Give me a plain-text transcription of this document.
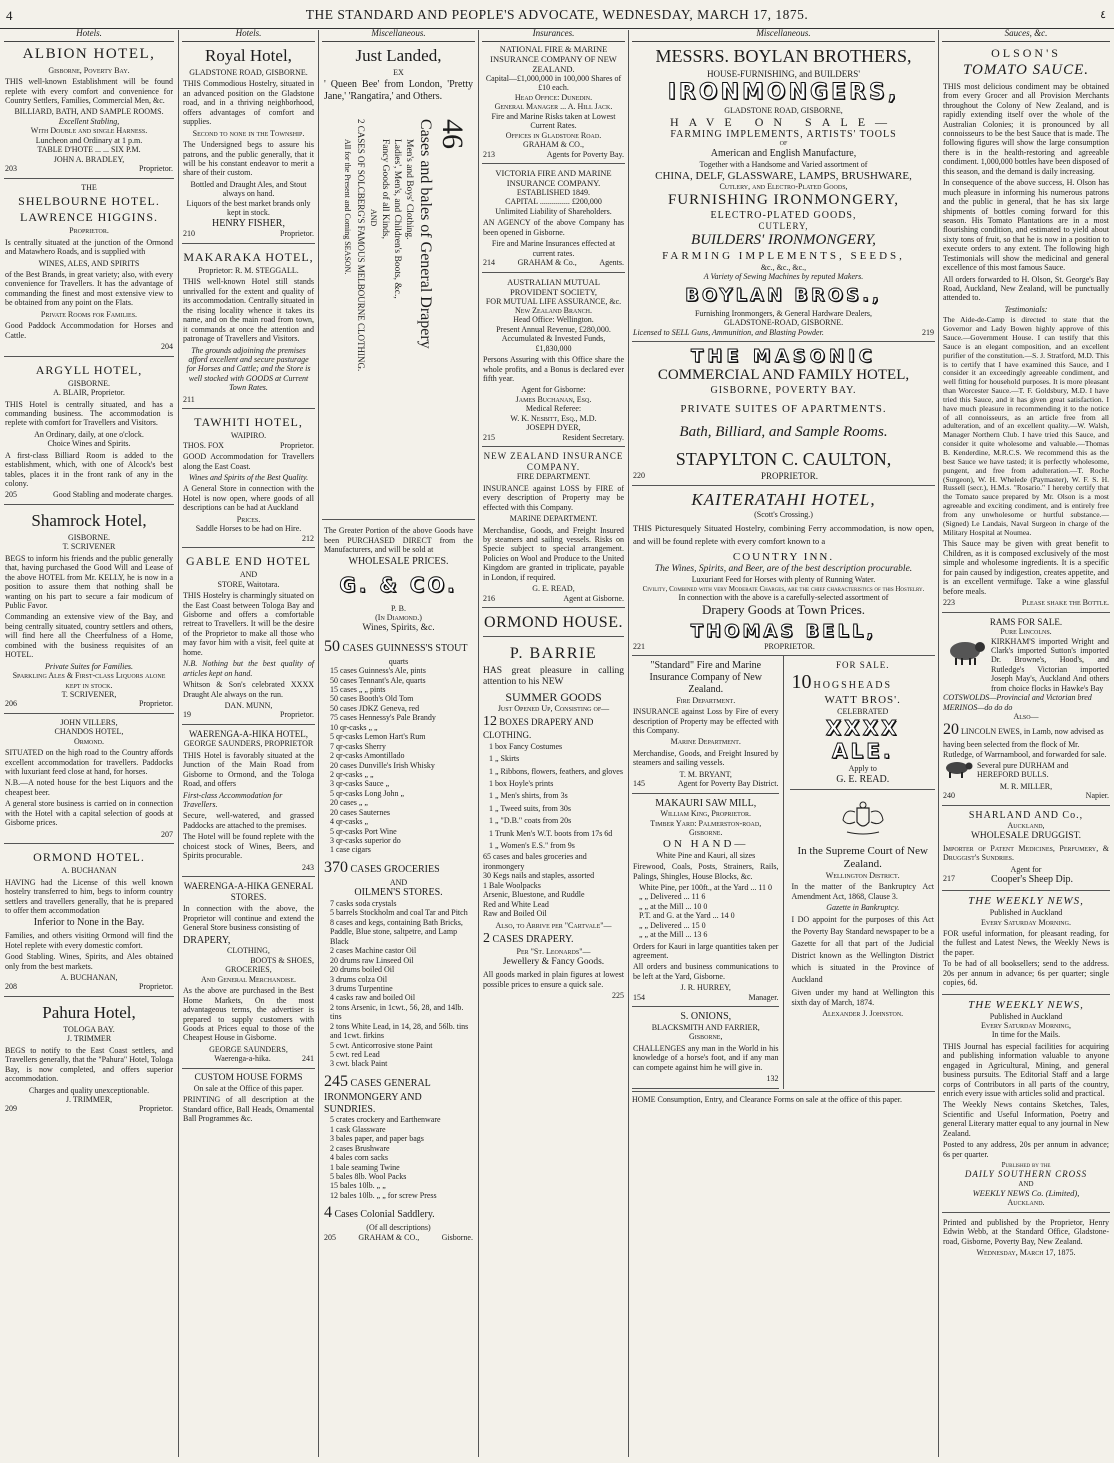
4	THE STANDARD AND PEOPLE'S ADVOCATE, WEDNESDAY, MARCH 17, 1875.	٤
Hotels.
ALBION HOTEL,
Gisborne, Poverty Bay.

THIS well-known Establishment will be found replete with every comfort and convenience for Country Settlers, Families, Commercial Men, &c.

BILLIARD, BATH, AND SAMPLE ROOMS.
Excellent Stabling,
With Double and single Harness.
Luncheon and Ordinary at 1 p.m.
TABLE D'HOTE ... ... SIX P.M.
JOHN A. BRADLEY,
203	Proprietor.
THE
SHELBOURNE HOTEL.
LAWRENCE HIGGINS.
Proprietor.

Is centrally situated at the junction of the Ormond and Matawhero Roads, and is supplied with

WINES, ALES, AND SPIRITS

of the Best Brands, in great variety; also, with every convenience for Travellers. It has the advantage of commanding the finest and most extensive view to be obtained from any point on the Flats.

Private Rooms for Families.

Good Paddock Accommodation for Horses and Cattle.

204
ARGYLL HOTEL,
GISBORNE.
A. BLAIR, Proprietor.

THIS Hotel is centrally situated, and has a commanding business. The accommodation is replete with comfort for Travellers and Visitors.

An Ordinary, daily, at one o'clock.
Choice Wines and Spirits.

A first-class Billiard Room is added to the establishment, which, with one of Alcock's best tables, places it in the front rank of any in the colony.

205	Good Stabling and moderate charges.
Shamrock Hotel,
GISBORNE.
T. SCRIVENER

BEGS to inform his friends and the public generally that, having purchased the Good Will and Lease of the above HOTEL from Mr. KELLY, he is now in a position to assure them that nothing shall be wanting on his part to secure a fair modicum of Public Favor.

Commanding an extensive view of the Bay, and being centrally situated, country settlers and others, will find here all the Cheerfulness of a Home, combined with the business requisites of an HOTEL.

Private Suites for Families.
Sparkling Ales & First-class Liquors alone kept in stock.
T. SCRIVENER,
206	Proprietor.
JOHN VILLERS,
CHANDOS HOTEL,
Ormond.

SITUATED on the high road to the Country affords excellent accommodation for travellers. Paddocks with luxuriant feed close at hand, for horses.

N.B.—A noted house for the best Liquors and the cheapest beer.

A general store business is carried on in connection with the Hotel with a capital selection of goods at Gisborne prices.

207
ORMOND HOTEL.
A. BUCHANAN

HAVING had the License of this well known hostelry transferred to him, begs to inform country settlers and travellers generally, that he is prepared to offer them accommodation

Inferior to None in the Bay.

Families, and others visiting Ormond will find the Hotel replete with every domestic comfort.

Good Stabling. Wines, Spirits, and Ales obtained only from the best markets.

A. BUCHANAN,
208	Proprietor.
Pahura Hotel,
TOLOGA BAY.
J. TRIMMER

BEGS to notify to the East Coast settlers, and Travellers generally, that the "Pahura" Hotel, Tologa Bay, is now completed, and offers superior accommodation.

Charges and quality unexceptionable.
J. TRIMMER,
209	Proprietor.
Hotels.
Royal Hotel,
GLADSTONE ROAD, GISBORNE.

THIS Commodious Hostelry, situated in an advanced position on the Gladstone road, and in a thriving neighborhood, offers advantages of comfort and supplies.

Second to none in the Township.

The Undersigned begs to assure his patrons, and the public generally, that it will be his constant endeavor to merit a share of their custom.

Bottled and Draught Ales, and Stout always on hand.
Liquors of the best market brands only kept in stock.
HENRY FISHER,
210	Proprietor.
MAKARAKA HOTEL,
Proprietor: R. M. STEGGALL.

THIS well-known Hotel still stands unrivalled for the extent and quality of its accommodation. Centrally situated in the rising locality whence it takes its name, and on the main road from town, it commands at once the attention and patronage of Travellers and Visitors.

The grounds adjoining the premises afford excellent and secure pasturage for Horses and Cattle; and the Store is well stocked with GOODS at Current Town Rates.

211
TAWHITI HOTEL,
WAIPIRO.
THOS. FOX	Proprietor.

GOOD Accommodation for Travellers along the East Coast.

Wines and Spirits of the Best Quality.

A General Store in connection with the Hotel is now open, where goods of all descriptions can be had at Auckland

Prices.
Saddle Horses to be had on Hire.
212
GABLE END HOTEL
AND
STORE, Waitotara.

THIS Hostelry is charmingly situated on the East Coast between Tologa Bay and Gisborne and offers a comfortable retreat to Travellers. It will be the desire of the Proprietor to make all those who may favor him with a visit, feel quite at home.

N.B. Nothing but the best quality of articles kept on hand.

Whitson & Son's celebrated XXXX Draught Ale always on the run.

DAN. MUNN,
19	Proprietor.
WAERENGA-A-HIKA HOTEL,
GEORGE SAUNDERS, PROPRIETOR

THIS Hotel is favorably situated at the Junction of the Main Road from Gisborne to Ormond, and the Tologa Road, and offers

First-class Accommodation for Travellers.

Secure, well-watered, and grassed Paddocks are attached to the premises.

The Hotel will be found replete with the choicest stock of Wines, Beers, and Spirits procurable.

243
WAERENGA-A-HIKA GENERAL STORES.

In connection with the above, the Proprietor will continue and extend the General Store business consisting of

DRAPERY,
CLOTHING,
BOOTS & SHOES,
GROCERIES,
And General Merchandise.

As the above are purchased in the Best Home Markets, On the most advantageous terms, the advertiser is prepared to supply customers with Goods at Prices equal to those of the Cheapest House in Gisborne.

GEORGE SAUNDERS,
Waerenga-a-hika.	241
CUSTOM HOUSE FORMS
On sale at the Office of this paper.

PRINTING of all description at the Standard office, Ball Heads, Ornamental Ball Programmes &c.

Miscellaneous.
Just Landed,
EX

' Queen Bee' from London, 'Pretty Jane,' 'Rangatira,' and Others.

46
Cases and bales of General Drapery
Men's and Boys' Clothing.
Ladies', Men's, and Children's Boots, &c.,
Fancy Goods of all Kinds,
AND
2 CASES OF SOLCBERG'S FAMOUS MELBOURNE CLOTHING.
All for the Present and Coming SEASON.

The Greater Portion of the above Goods have been PURCHASED DIRECT from the Manufacturers, and will be sold at

WHOLESALE PRICES.
G. & CO.
P. B.
(In Diamond.)
Wines, Spirits, &c.
50 CASES GUINNESS'S STOUT
quarts
15 cases Guinness's Ale, pints
50 cases Tennant's Ale, quarts
15 cases „ „ pints
50 cases Booth's Old Tom
50 cases JDKZ Geneva, red
75 cases Hennessy's Pale Brandy
10 qr-casks „ „
5 qr-casks Lemon Hart's Rum
7 qr-casks Sherry
2 qr-casks Amontillado
20 cases Dunville's Irish Whisky
2 qr-casks „ „
3 qr-casks Sauce „
5 qr-casks Long John „
20 cases „ „
20 cases Sauternes
4 qr-casks „
5 qr-casks Port Wine
3 qr-casks superior do
1 case cigars
370 CASES GROCERIES
AND
OILMEN'S STORES.
7 casks soda crystals
5 barrels Stockholm and coal Tar and Pitch
8 cases and kegs, containing Bath Bricks, Paddle, Blue stone, saltpetre, and Lamp Black
2 cases Machine castor Oil
20 drums raw Linseed Oil
20 drums boiled Oil
3 drums colza Oil
3 drums Turpentine
4 casks raw and boiled Oil
2 tons Arsenic, in 1cwt., 56, 28, and 14lb. tins
2 tons White Lead, in 14, 28, and 56lb. tins and 1cwt. firkins
5 cwt. Anticorrosive stone Paint
5 cwt. red Lead
3 cwt. black Paint
245 CASES GENERAL IRONMONGERY AND SUNDRIES.
5 crates crockery and Earthenware
1 cask Glassware
3 bales paper, and paper bags
2 cases Brushware
4 bales corn sacks
1 bale seaming Twine
5 bales 8lb. Wool Packs
15 bales 10lb. „ „
12 bales 10lb. „ „ for screw Press
4 Cases Colonial Saddlery.
(Of all descriptions)
205	GRAHAM & CO.,	Gisborne.
Insurances.
NATIONAL FIRE & MARINE INSURANCE COMPANY OF NEW ZEALAND.
Capital—£1,000,000 in 100,000 Shares of £10 each.
Head Office: Dunedin.
General Manager ... A. Hill Jack.
Fire and Marine Risks taken at Lowest Current Rates.
Offices in Gladstone Road.
GRAHAM & CO.,
213	Agents for Poverty Bay.
VICTORIA FIRE AND MARINE INSURANCE COMPANY.
ESTABLISHED 1849.
CAPITAL ............... £200,000
Unlimited Liability of Shareholders.

AN AGENCY of the above Company has been opened in Gisborne.

Fire and Marine Insurances effected at current rates.
214	GRAHAM & Co.,	Agents.
AUSTRALIAN MUTUAL PROVIDENT SOCIETY,
FOR MUTUAL LIFE ASSURANCE, &c.
New Zealand Branch.
Head Office: Wellington.
Present Annual Revenue, £280,000.
Accumulated & Invested Funds, £1,830,000

Persons Assuring with this Office share the whole profits, and a Bonus is declared ever fifth year.

Agent for Gisborne:
James Buchanan, Esq.
Medical Referee:
W. K. Nesbitt, Esq., M.D.
JOSEPH DYER,
215	Resident Secretary.
NEW ZEALAND INSURANCE COMPANY.
FIRE DEPARTMENT.

INSURANCE against LOSS by FIRE of every description of Property may be effected with this Company.

MARINE DEPARTMENT.

Merchandise, Goods, and Freight Insured by steamers and sailing vessels. Risks on Specie subject to special arrangement. Policies on Wool and Produce to the United Kingdom are granted in triplicate, payable in London, if required.

G. E. READ,
216	Agent at Gisborne.
ORMOND HOUSE.
P. BARRIE

HAS great pleasure in calling attention to his NEW

SUMMER GOODS
Just Opened Up, Consisting of—
12 BOXES DRAPERY AND CLOTHING.
1 box Fancy Costumes
1 „ Skirts
1 „ Ribbons, flowers, feathers, and gloves
1 box Hoyle's prints
1 „ Men's shirts, from 3s
1 „ Tweed suits, from 30s
1 „ "D.B." coats from 20s
1 Trunk Men's W.T. boots from 17s 6d
1 „ Women's E.S." from 9s
65 cases and bales groceries and ironmongery
30 Kegs nails and staples, assorted
1 Bale Woolpacks
Arsenic, Bluestone, and Ruddle
Red and White Lead
Raw and Boiled Oil
Also, to Arrive per "Cartvale"—
2 CASES DRAPERY.
Per "St. Leonards"—
Jewellery & Fancy Goods.

All goods marked in plain figures at lowest possible prices to ensure a quick sale.

225
Miscellaneous.
MESSRS. BOYLAN BROTHERS,
HOUSE-FURNISHING, and BUILDERS'
IRONMONGERS,
GLADSTONE ROAD, GISBORNE,
HAVE ON SALE—
FARMING IMPLEMENTS, ARTISTS' TOOLS
OF
American and English Manufacture,
Together with a Handsome and Varied assortment of
CHINA, DELF, GLASSWARE, LAMPS, BRUSHWARE,
Cutlery, and Electro-Plated Goods,
FURNISHING IRONMONGERY,
ELECTRO-PLATED GOODS,
CUTLERY,
BUILDERS' IRONMONGERY,
FARMING IMPLEMENTS, SEEDS,
&c., &c., &c.,
A Variety of Sewing Machines by reputed Makers.
BOYLAN BROS.,
Furnishing Ironmongers, & General Hardware Dealers,
GLADSTONE-ROAD, GISBORNE.
Licensed to SELL Guns, Ammunition, and Blasting Powder.	219
THE MASONIC
COMMERCIAL AND FAMILY HOTEL,
GISBORNE, POVERTY BAY.
PRIVATE SUITES OF APARTMENTS.
Bath, Billiard, and Sample Rooms.
STAPYLTON C. CAULTON,
220	PROPRIETOR.
KAITERATAHI HOTEL,
(Scott's Crossing.)

THIS Picturesquely Situated Hostelry, combining Ferry accommodation, is now open, and will be found replete with every comfort known to a

COUNTRY INN.
The Wines, Spirits, and Beer, are of the best description procurable.
Luxuriant Feed for Horses with plenty of Running Water.
Civility, Combined with very Moderate Charges, are the chief characteristics of this Hostelry.
In connection with the above is a carefully-selected assortment of
Drapery Goods at Town Prices.
THOMAS BELL,
221	PROPRIETOR.
"Standard" Fire and Marine Insurance Company of New Zealand.
Fire Department.

INSURANCE against Loss by Fire of every description of Property may be effected with this Company.

Marine Department.

Merchandise, Goods, and Freight Insured by steamers and sailing vessels.

T. M. BRYANT,
145	Agent for Poverty Bay District.
MAKAURI SAW MILL,
William King, Proprietor.
Timber Yard: Palmerston-road, Gisborne.
ON HAND—
White Pine and Kauri, all sizes

Firewood, Coals, Posts, Strainers, Rails, Palings, Shingles, House Blocks, &c.

White Pine, per 100ft., at the Yard ... 11 0
„ „ Delivered ... 11 6
„ „ at the Mill ... 10 0
P.T. and G. at the Yard ... 14 0
„ „ Delivered ... 15 0
„ „ at the Mill ... 13 6

Orders for Kauri in large quantities taken per agreement.

All orders and business communications to be left at the Yard, Gisborne.

J. R. HURREY,
154	Manager.
S. ONIONS,
BLACKSMITH AND FARRIER,
Gisborne,

CHALLENGES any man in the World in his knowledge of a horse's foot, and if any man can compete against him he will give in.

132
FOR SALE.
10 HOGSHEADS
WATT BROS'.
CELEBRATED
XXXX ALE.
Apply to
G. E. READ.
In the Supreme Court of New Zealand.
Wellington District.

In the matter of the Bankruptcy Act Amendment Act, 1868, Clause 3.

Gazette in Bankruptcy.

I DO appoint for the purposes of this Act the Poverty Bay Standard newspaper to be a Gazette for all that part of the Judicial District known as the Wellington District which is situated in the Province of Auckland

Given under my hand at Wellington this sixth day of March, 1874.

Alexander J. Johnston.

HOME Consumption, Entry, and Clearance Forms on sale at the office of this paper.

Sauces, &c.
OLSON'S
TOMATO SAUCE.

THIS most delicious condiment may be obtained from every Grocer and all Provision Merchants throughout the Colony of New Zealand, and is rapidly extending itself over the whole of the Australian Colonies; it is pronounced by all connoisseurs to be the best Sauce that is made. The following figures will show the large consumption there is in the health-restoring and agreeable condiment. 1,000,000 bottles have been disposed of this season, and the demand is daily increasing.

In consequence of the above success, H. Olson has much pleasure in informing his numerous patrons and the public in general, that he has six large shipments of bottles coming forward for this season. His Tomato Plantations are in a most flourishing condition, and estimated to yield about sixty tons of fruit, so that he is now in a position to execute orders to any extent. The following high Testimonials will show the medicinal and general excellence of this most famous Sauce.

All orders forwarded to H. Olson, St. George's Bay Road, Auckland, New Zealand, will be punctually attended to.

Testimonials:

The Aide-de-Camp is directed to state that the Governor and Lady Bowen highly approve of this Sauce.—Government House. I can testify that this Sauce is an elegant composition, and an excellent purifier of the constitution.—S. J. Stratford, M.D. This is to certify that I have examined this Sauce, and I consider it an exceedingly agreeable condiment, and well fitting for household purposes. It is more pleasant than Worcester Sauce.—T. F. Goldsbury, M.D. I have tried this Sauce, and it has given great satisfaction. I have much pleasure in recommending it to the notice of all connoisseurs, as an article free from all adulteration, and of an excellent quality.—W. Walsh, Manager Northern Club. I have tried this Sauce, and consider it quite wholesome and valuable.—Thomas B. Kenderdine, M.R.C.S. We recommend this as the best Sauce we have tasted; it is perfectly wholesome, pungent, and free from adulteration.—T. Roche (Surgeon), W. H. Whelede (Paymaster), W. F. S. H. Russell (secr.), H.M.s. "Rosario." I hereby certify that the Tomato sauce prepared by Mr. Olson is a most agreeable and exciting condiment, and is entirely free from any unwholesome or hurtful substance.—(Signed) Le Landais, Naval Surgeon in charge of the Military Hospital at Noumea.

This Sauce may be given with great benefit to Children, as it is composed exclusively of the most simple and wholesome ingredients. It is a specific for pain caused by indigestion, creates appetite, and is an excellent vermifuge. Take a wine glassful before meals.

223	Please shake the Bottle.
RAMS FOR SALE.
Pure Lincolns.

KIRKHAM'S imported Wright and Clark's imported Sutton's imported Dr. Browne's, Hood's, and Rutledge's Victorian imported Joseph May's, Auckland And others from choice flocks in Hawke's Bay

COTSWOLDS—Provincial and Victorian bred
MERINOS—do do do
Also—
20 LINCOLN EWES, in Lamb, now advised as having been selected from the flock of Mr. Rutledge, of Warrnambool, and forwarded for sale.
Several pure DURHAM and HEREFORD BULLS.
M. R. MILLER,
240	Napier.
SHARLAND AND Co.,
Auckland,
WHOLESALE DRUGGIST.

Importer of Patent Medicines, Perfumery, & Druggist's Sundries.

Agent for
217	Cooper's Sheep Dip.
THE WEEKLY NEWS,
Published in Auckland
Every Saturday Morning.

FOR useful information, for pleasant reading, for the fullest and Latest News, the Weekly News is the paper.

To be had of all booksellers; send to the address. 20s per annum in advance; 6s per quarter; single copies, 6d.

THE WEEKLY NEWS,
Published in Auckland
Every Saturday Morning,
In time for the Mails.

THIS Journal has especial facilities for acquiring and publishing information valuable to anyone engaged in Agricultural, Mining, and general business pursuits. The Editorial Staff and a large corps of Contributors in all parts of the country, enrich every issue with articles solid and practical.

The Weekly News contains Sketches, Tales, Scientific and Useful Information, Poetry and general Literary matter equal to any journal in New Zealand.

Posted to any address, 20s per annum in advance; 6s per quarter.

Published by the
DAILY SOUTHERN CROSS
AND
WEEKLY NEWS Co. (Limited),
Auckland.

Printed and published by the Proprietor, Henry Edwin Webb, at the Standard Office, Gladstone-road, Gisborne, Poverty Bay, New Zealand.

Wednesday, March 17, 1875.
